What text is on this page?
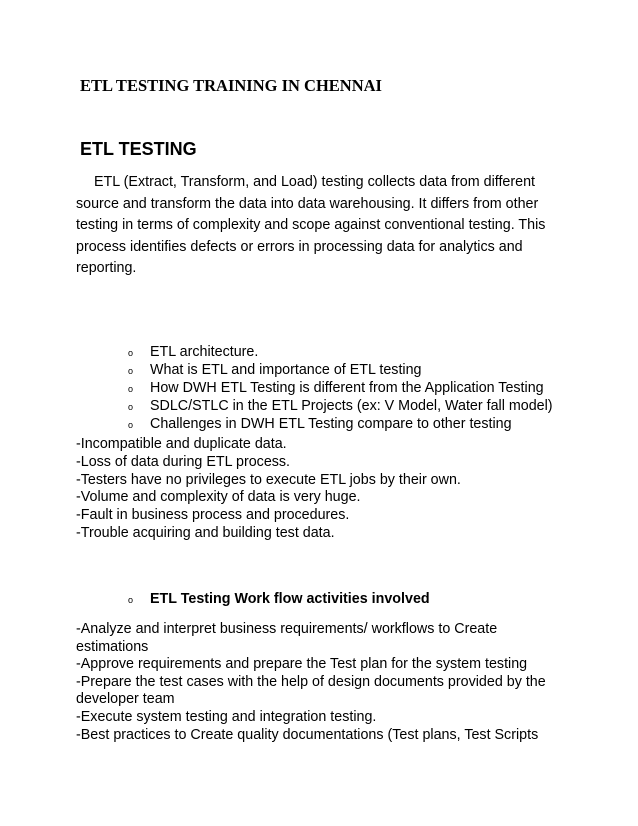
ETL TESTING TRAINING IN CHENNAI
ETL TESTING
ETL (Extract, Transform, and Load) testing collects data from different
source and transform the data into data warehousing. It differs from other
testing in terms of complexity and scope against conventional testing. This
process identifies defects or errors in processing data for analytics and
reporting.
o ETL architecture.
o What is ETL and importance of ETL testing
o How DWH ETL Testing is different from the Application Testing
o SDLC/STLC in the ETL Projects (ex: V Model, Water fall model)
o Challenges in DWH ETL Testing compare to other testing
-Incompatible and duplicate data.
-Loss of data during ETL process.
-Testers have no privileges to execute ETL jobs by their own.
-Volume and complexity of data is very huge.
-Fault in business process and procedures.
-Trouble acquiring and building test data.
o ETL Testing Work flow activities involved
-Analyze and interpret business requirements/ workflows to Create
estimations
-Approve requirements and prepare the Test plan for the system testing
-Prepare the test cases with the help of design documents provided by the
developer team
-Execute system testing and integration testing.
-Best practices to Create quality documentations (Test plans, Test Scripts
